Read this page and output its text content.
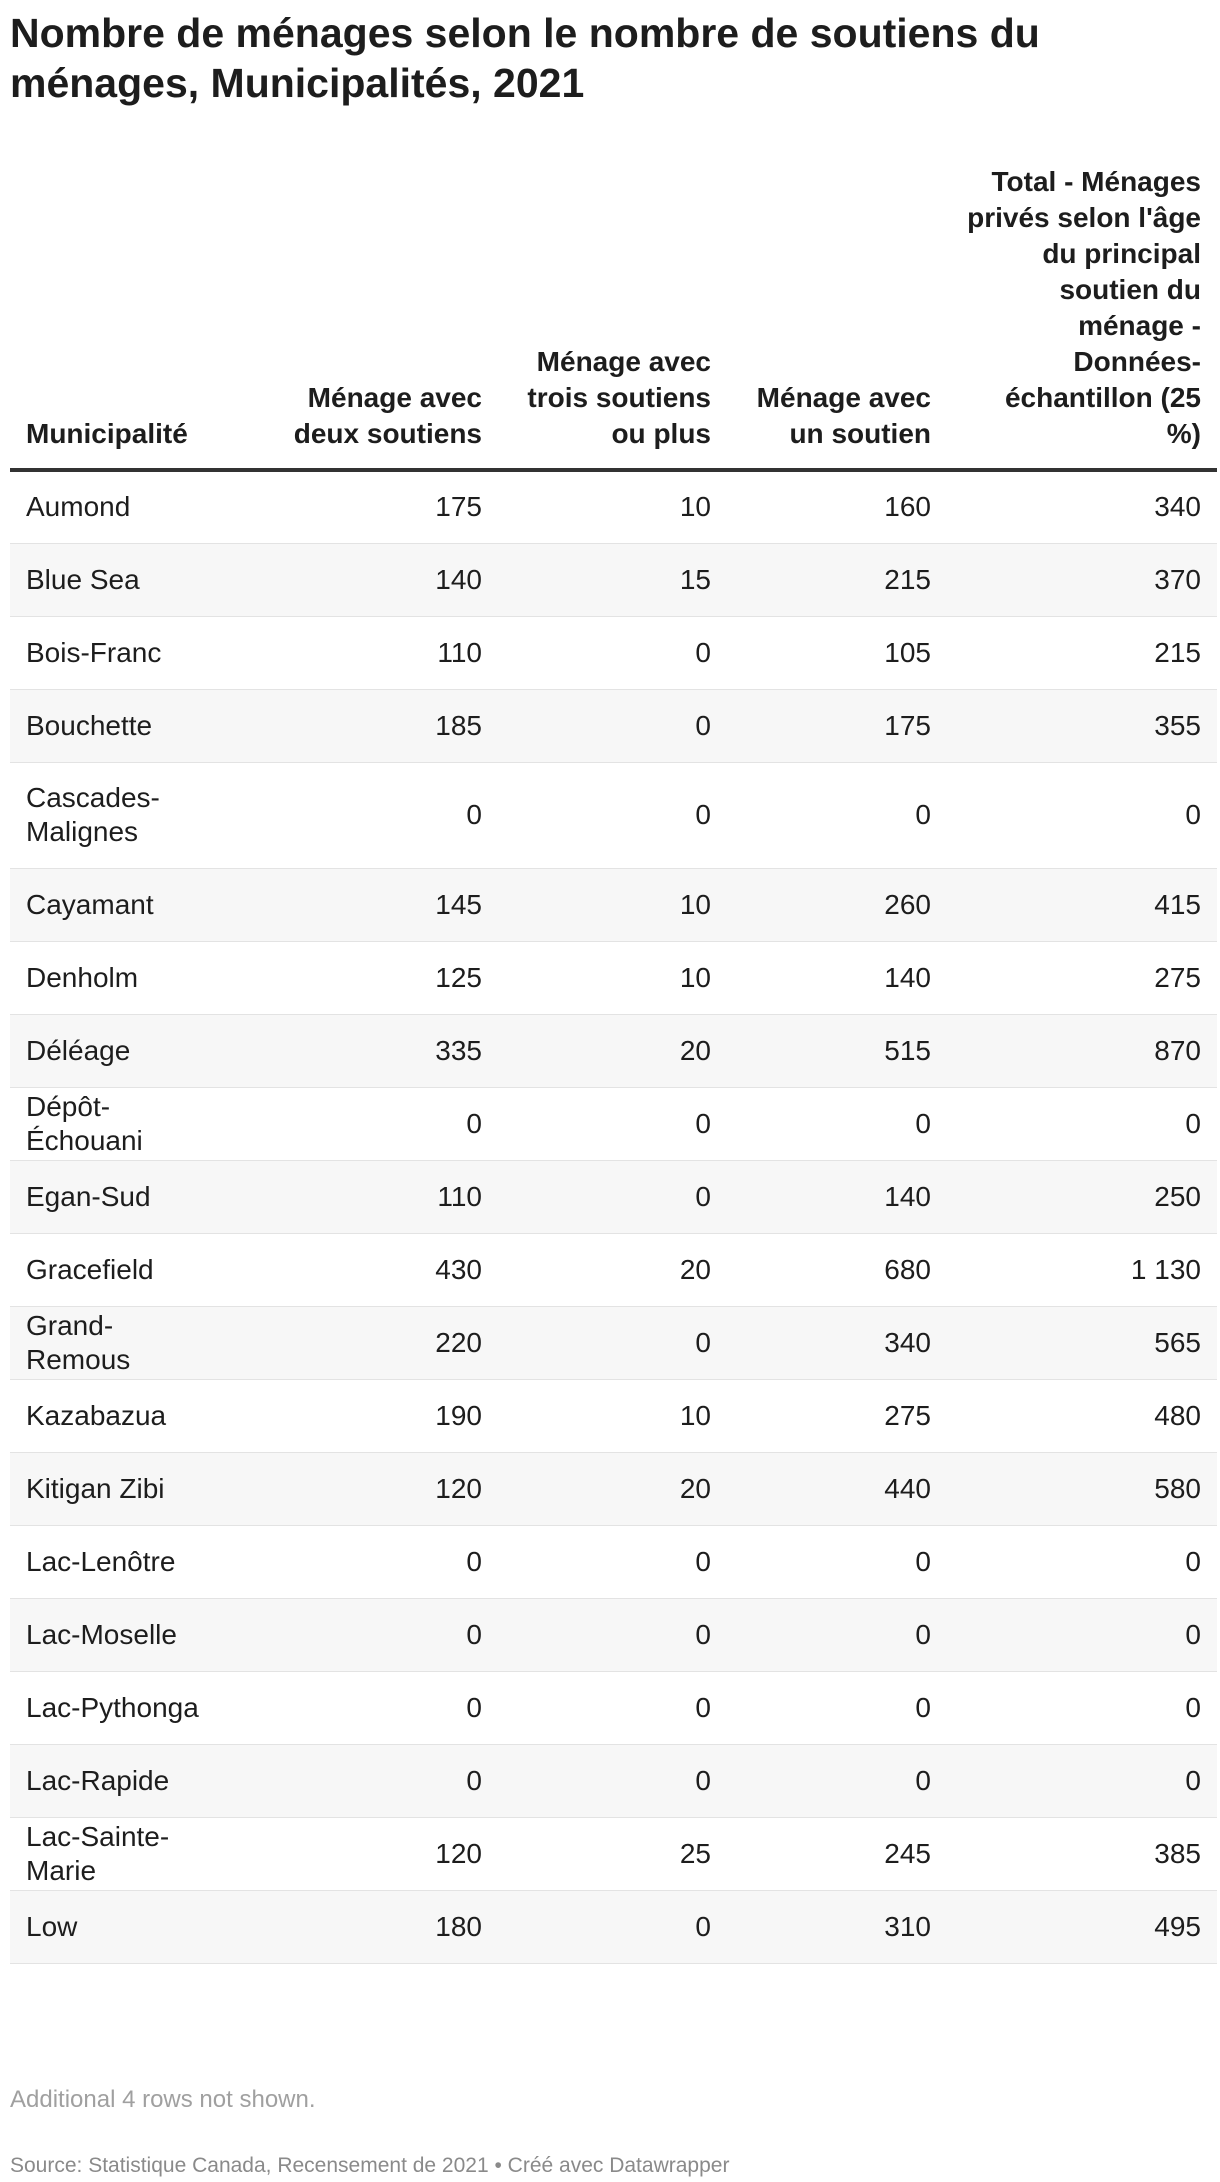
Nombre de ménages selon le nombre de soutiens du ménages, Municipalités, 2021
Municipalité	Ménage avec deux soutiens	Ménage avec trois soutiens ou plus	Ménage avec un soutien	Total - Ménages privés selon l'âge du principal soutien du ménage - Données-échantillon (25 %)
Aumond	175	10	160	340
Blue Sea	140	15	215	370
Bois-Franc	110	0	105	215
Bouchette	185	0	175	355
Cascades-Malignes	0	0	0	0
Cayamant	145	10	260	415
Denholm	125	10	140	275
Déléage	335	20	515	870
Dépôt-Échouani	0	0	0	0
Egan-Sud	110	0	140	250
Gracefield	430	20	680	1 130
Grand-Remous	220	0	340	565
Kazabazua	190	10	275	480
Kitigan Zibi	120	20	440	580
Lac-Lenôtre	0	0	0	0
Lac-Moselle	0	0	0	0
Lac-Pythonga	0	0	0	0
Lac-Rapide	0	0	0	0
Lac-Sainte-Marie	120	25	245	385
Low	180	0	310	495
Additional 4 rows not shown.
Source: Statistique Canada, Recensement de 2021 • Créé avec Datawrapper
